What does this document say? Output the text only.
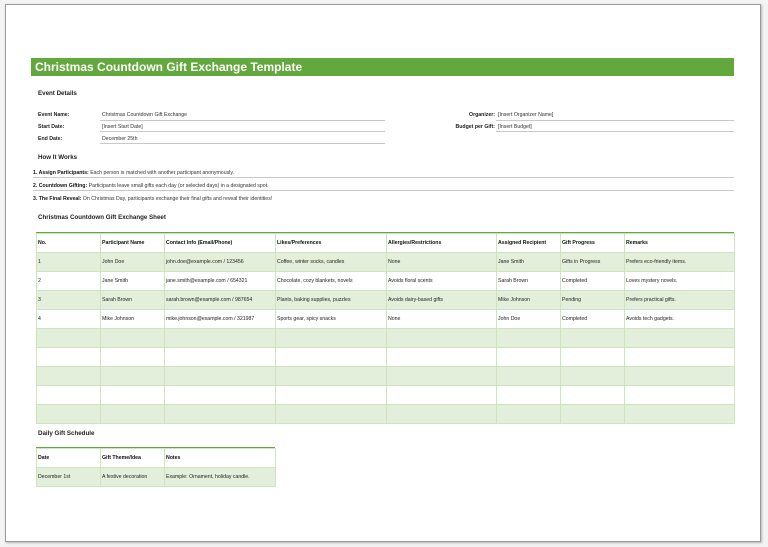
Christmas Countdown Gift Exchange Template
Event Details
Event Name:	Christmas Countdown Gift Exchange
Start Date:	[Insert Start Date]
End Date:	December 25th
Organizer: [Insert Organizer Name]
Budget per Gift: [Insert Budget]
How It Works
1. Assign Participants: Each person is matched with another participant anonymously.
2. Countdown Gifting: Participants leave small gifts each day (or selected days) in a designated spot.
3. The Final Reveal: On Christmas Day, participants exchange their final gifts and reveal their identities!
Christmas Countdown Gift Exchange Sheet
No.	Participant Name	Contact Info (Email/Phone)	Likes/Preferences	Allergies/Restrictions	Assigned Recipient	Gift Progress	Remarks
1	John Doe	john.doe@example.com / 123456	Coffee, winter socks, candles	None	Jane Smith	Gifts in Progress	Prefers eco-friendly items.
2	Jane Smith	jane.smith@example.com / 654321	Chocolate, cozy blankets, novels	Avoids floral scents	Sarah Brown	Completed	Loves mystery novels.
3	Sarah Brown	sarah.brown@example.com / 987654	Plants, baking supplies, puzzles	Avoids dairy-based gifts	Mike Johnson	Pending	Prefers practical gifts.
4	Mike Johnson	mike.johnson@example.com / 321987	Sports gear, spicy snacks	None	John Doe	Completed	Avoids tech gadgets.

Daily Gift Schedule
Date	Gift Theme/Idea	Notes
December 1st	A festive decoration	Example: Ornament, holiday candle.
